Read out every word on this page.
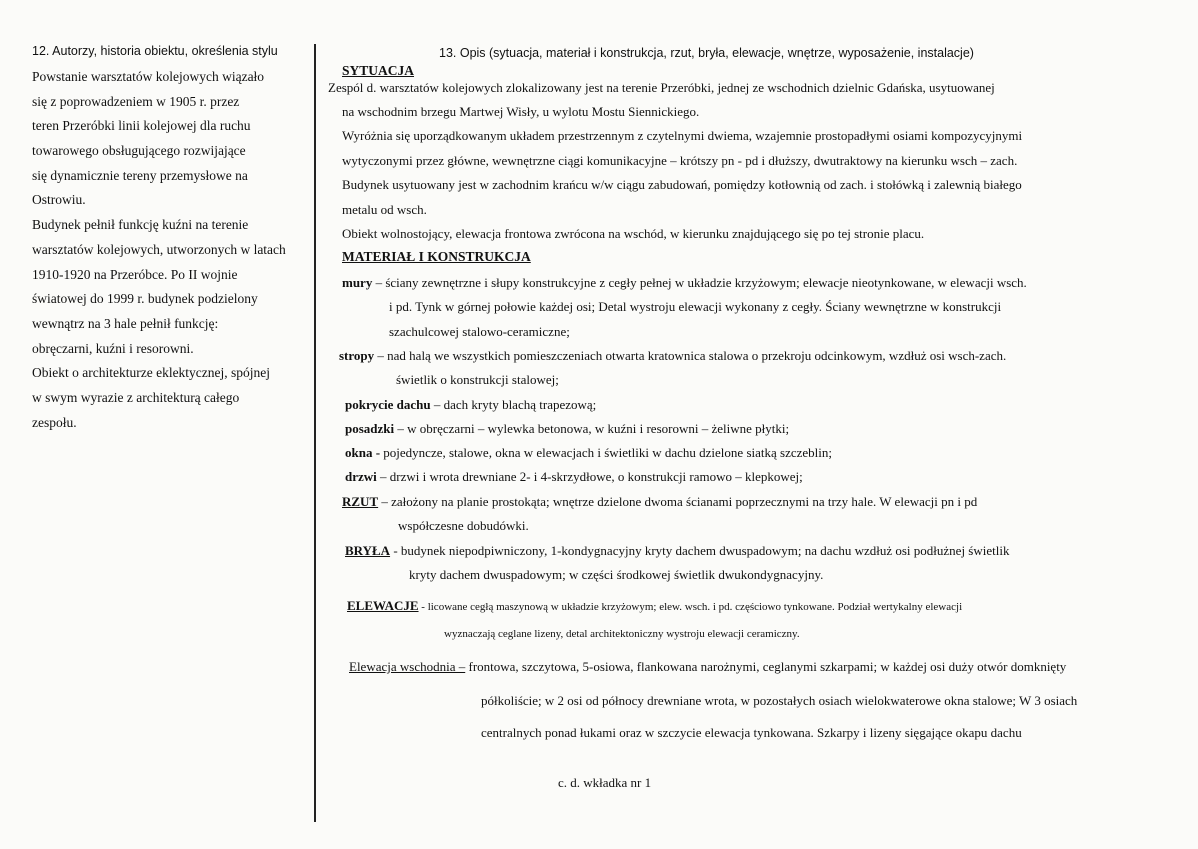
12. Autorzy, historia obiektu, określenia stylu
Powstanie warsztatów kolejowych wiązało
się z poprowadzeniem w 1905 r. przez
teren Przeróbki linii kolejowej dla ruchu
towarowego obsługującego rozwijające
się dynamicznie tereny przemysłowe na
Ostrowiu.
Budynek pełnił funkcję kuźni na terenie
warsztatów kolejowych, utworzonych w latach
1910-1920 na Przeróbce. Po II wojnie
światowej do 1999 r. budynek podzielony
wewnątrz na 3 hale pełnił funkcję:
obręczarni, kuźni i resorowni.
Obiekt o architekturze eklektycznej, spójnej
w swym wyrazie z architekturą całego
zespołu.
13. Opis (sytuacja, materiał i konstrukcja, rzut, bryła, elewacje, wnętrze, wyposażenie, instalacje)
SYTUACJA
Zespól d. warsztatów kolejowych zlokalizowany jest na terenie Przeróbki, jednej ze wschodnich dzielnic Gdańska, usytuowanej
na wschodnim brzegu Martwej Wisły, u wylotu Mostu Siennickiego.
Wyróżnia się uporządkowanym układem przestrzennym z czytelnymi dwiema, wzajemnie prostopadłymi osiami kompozycyjnymi
wytyczonymi przez główne, wewnętrzne ciągi komunikacyjne – krótszy pn - pd i dłuższy, dwutraktowy na kierunku wsch – zach.
Budynek usytuowany jest w zachodnim krańcu w/w ciągu zabudowań, pomiędzy kotłownią od zach. i stołówką i zalewnią białego
metalu od wsch.
Obiekt wolnostojący, elewacja frontowa zwrócona na wschód, w kierunku znajdującego się po tej stronie placu.
MATERIAŁ I KONSTRUKCJA
mury – ściany zewnętrzne i słupy konstrukcyjne z cegły pełnej w układzie krzyżowym; elewacje nieotynkowane, w elewacji wsch.
i pd. Tynk w górnej połowie każdej osi; Detal wystroju elewacji wykonany z cegły. Ściany wewnętrzne w konstrukcji
szachulcowej stalowo-ceramiczne;
stropy – nad halą we wszystkich pomieszczeniach otwarta kratownica stalowa o przekroju odcinkowym, wzdłuż osi wsch-zach.
świetlik o konstrukcji stalowej;
pokrycie dachu – dach kryty blachą trapezową;
posadzki – w obręczarni – wylewka betonowa, w kuźni i resorowni – żeliwne płytki;
okna - pojedyncze, stalowe, okna w elewacjach i świetliki w dachu dzielone siatką szczeblin;
drzwi – drzwi i wrota drewniane 2- i 4-skrzydłowe, o konstrukcji ramowo – klepkowej;
RZUT – założony na planie prostokąta; wnętrze dzielone dwoma ścianami poprzecznymi na trzy hale. W elewacji pn i pd
współczesne dobudówki.
BRYŁA - budynek niepodpiwniczony, 1-kondygnacyjny kryty dachem dwuspadowym; na dachu wzdłuż osi podłużnej świetlik
kryty dachem dwuspadowym; w części środkowej świetlik dwukondygnacyjny.
ELEWACJE - licowane cegłą maszynową w układzie krzyżowym; elew. wsch. i pd. częściowo tynkowane. Podział wertykalny elewacji
wyznaczają ceglane lizeny, detal architektoniczny wystroju elewacji ceramiczny.
Elewacja wschodnia – frontowa, szczytowa, 5-osiowa, flankowana narożnymi, ceglanymi szkarpami; w każdej osi duży otwór domknięty
półkoliście; w 2 osi od północy drewniane wrota, w pozostałych osiach wielokwaterowe okna stalowe; W 3 osiach
centralnych ponad łukami oraz w szczycie elewacja tynkowana. Szkarpy i lizeny sięgające okapu dachu
c. d. wkładka nr 1
